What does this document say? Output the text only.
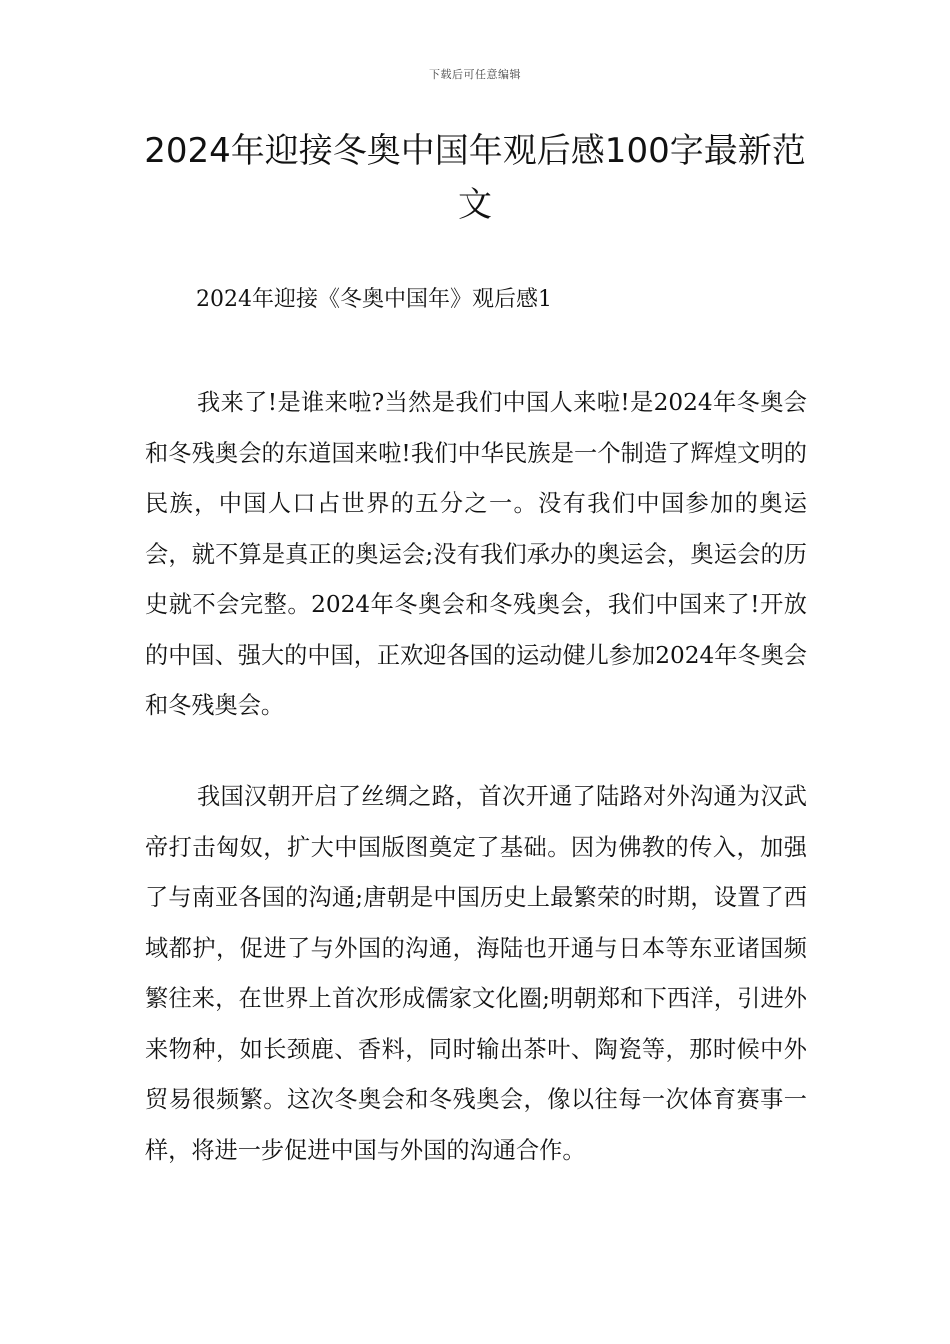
下载后可任意编辑
2024年迎接冬奥中国年观后感100字最新范文

2024年迎接《冬奥中国年》观后感1

我来了!是谁来啦?当然是我们中国人来啦!是2024年冬奥会和冬残奥会的东道国来啦!我们中华民族是一个制造了辉煌文明的民族，中国人口占世界的五分之一。没有我们中国参加的奥运会，就不算是真正的奥运会;没有我们承办的奥运会，奥运会的历史就不会完整。2024年冬奥会和冬残奥会，我们中国来了!开放的中国、强大的中国，正欢迎各国的运动健儿参加2024年冬奥会和冬残奥会。

我国汉朝开启了丝绸之路，首次开通了陆路对外沟通为汉武帝打击匈奴，扩大中国版图奠定了基础。因为佛教的传入，加强了与南亚各国的沟通;唐朝是中国历史上最繁荣的时期，设置了西域都护，促进了与外国的沟通，海陆也开通与日本等东亚诸国频繁往来，在世界上首次形成儒家文化圈;明朝郑和下西洋，引进外来物种，如长颈鹿、香料，同时输出茶叶、陶瓷等，那时候中外贸易很频繁。这次冬奥会和冬残奥会，像以往每一次体育赛事一样，将进一步促进中国与外国的沟通合作。
